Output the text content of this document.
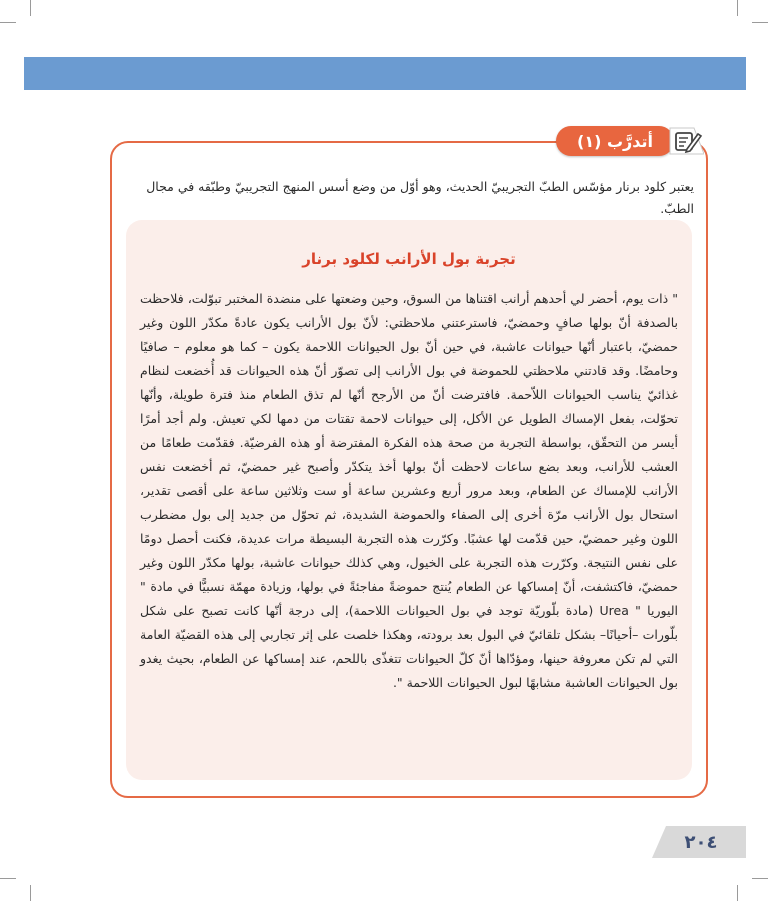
أتدرَّب (١)
يعتبر كلود برنار مؤسّس الطبّ التجريبيّ الحديث، وهو أوّل من وضع أسس المنهج التجريبيّ وطبّقه في مجال الطبّ.
تجربة بول الأرانب لكلود برنار

" ذات يوم، أحضر لي أحدهم أرانب اقتناها من السوق، وحين وضعتها على منضدة المختبر تبوّلت، فلاحظت بالصدفة أنّ بولها صافٍ وحمضيّ، فاسترعتني ملاحظتي: لأنّ بول الأرانب يكون عادةً مكدّر اللون وغير حمضيّ، باعتبار أنّها حيوانات عاشبة، في حين أنّ بول الحيوانات اللاحمة يكون – كما هو معلوم – صافيًا وحامضًا. وقد قادتني ملاحظتي للحموضة في بول الأرانب إلى تصوّر أنّ هذه الحيوانات قد أُخضعت لنظام غذائيّ يناسب الحيوانات اللاّحمة. فافترضت أنّ من الأرجح أنّها لم تذق الطعام منذ فترة طويلة، وأنّها تحوّلت، بفعل الإمساك الطويل عن الأكل، إلى حيوانات لاحمة تقتات من دمها لكي تعيش. ولم أجد أمرًا أيسر من التحقّق، بواسطة التجربة من صحة هذه الفكرة المفترضة أو هذه الفرضيّة. فقدّمت طعامًا من العشب للأرانب، وبعد بضع ساعات لاحظت أنّ بولها أخذ يتكدّر وأصبح غير حمضيّ، ثم أخضعت نفس الأرانب للإمساك عن الطعام، وبعد مرور أربع وعشرين ساعة أو ست وثلاثين ساعة على أقصى تقدير، استحال بول الأرانب مرّة أخرى إلى الصفاء والحموضة الشديدة، ثم تحوّل من جديد إلى بول مضطرب اللون وغير حمضيّ، حين قدّمت لها عشبًا. وكرّرت هذه التجربة البسيطة مرات عديدة، فكنت أحصل دومًا على نفس النتيجة. وكرّرت هذه التجربة على الخيول، وهي كذلك حيوانات عاشبة، بولها مكدّر اللون وغير حمضيّ، فاكتشفت، أنّ إمساكها عن الطعام يُنتج حموضةً مفاجئةً في بولها، وزيادة مهمّة نسبيًّا في مادة " اليوريا " Urea (مادة بلّوريّة توجد في بول الحيوانات اللاحمة)، إلى درجة أنّها كانت تصبح على شكل بلّورات –أحيانًا– بشكل تلقائيّ في البول بعد برودته، وهكذا خلصت على إثر تجاربي إلى هذه القضيّة العامة التي لم تكن معروفة حينها، ومؤدّاها أنّ كلّ الحيوانات تتغذّى باللحم، عند إمساكها عن الطعام، بحيث يغدو بول الحيوانات العاشبة مشابهًا لبول الحيوانات اللاحمة ".

٢٠٤
